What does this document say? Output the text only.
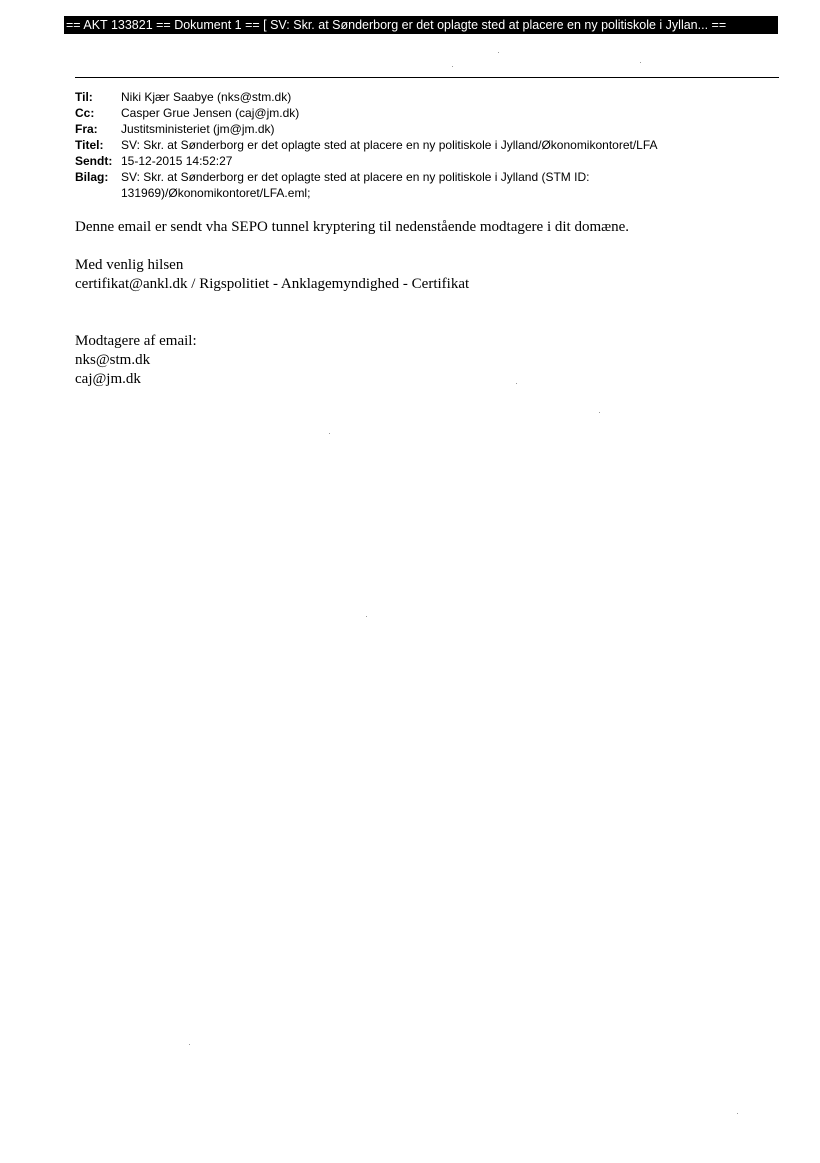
== AKT 133821 == Dokument 1 == [ SV: Skr. at Sønderborg er det oplagte sted at placere en ny politiskole i Jyllan... ==
Til:	Niki Kjær Saabye (nks@stm.dk)
Cc:	Casper Grue Jensen (caj@jm.dk)
Fra:	Justitsministeriet (jm@jm.dk)
Titel:	SV: Skr. at Sønderborg er det oplagte sted at placere en ny politiskole i Jylland/Økonomikontoret/LFA
Sendt: 15-12-2015 14:52:27
Bilag:	SV: Skr. at Sønderborg er det oplagte sted at placere en ny politiskole i Jylland (STM ID:
131969)/Økonomikontoret/LFA.eml;
Denne email er sendt vha SEPO tunnel kryptering til nedenstående modtagere i dit domæne.
Med venlig hilsen
certifikat@ankl.dk / Rigspolitiet - Anklagemyndighed - Certifikat
Modtagere af email:
nks@stm.dk
caj@jm.dk
